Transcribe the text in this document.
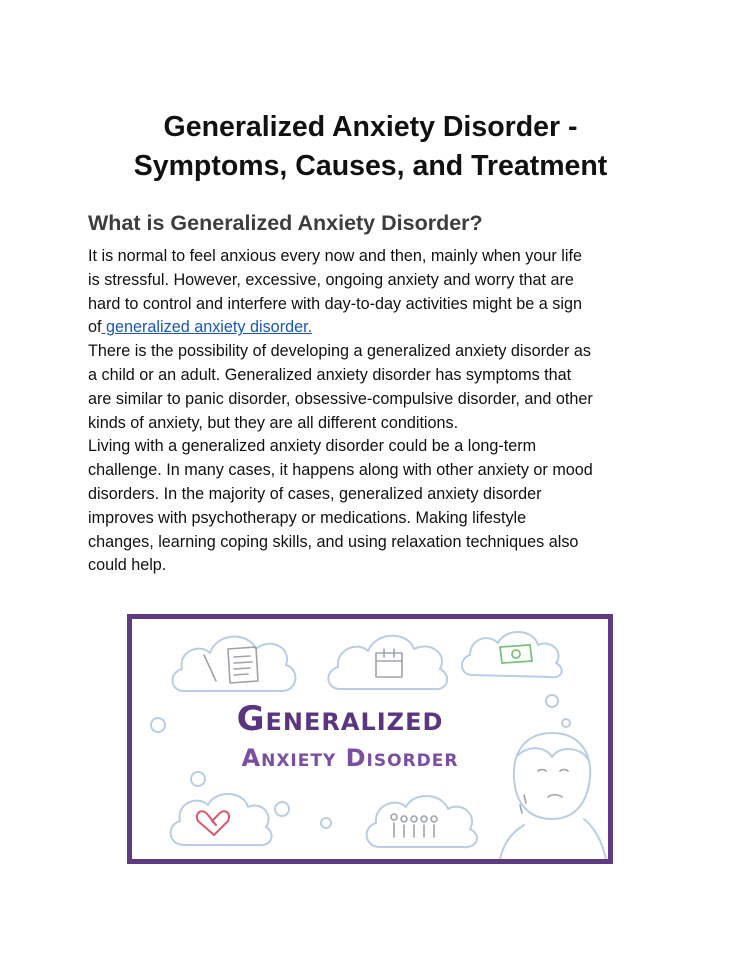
Generalized Anxiety Disorder -
Symptoms, Causes, and Treatment
What is Generalized Anxiety Disorder?
It is normal to feel anxious every now and then, mainly when your life
is stressful. However, excessive, ongoing anxiety and worry that are
hard to control and interfere with day-to-day activities might be a sign
of generalized anxiety disorder.
There is the possibility of developing a generalized anxiety disorder as
a child or an adult. Generalized anxiety disorder has symptoms that
are similar to panic disorder, obsessive-compulsive disorder, and other
kinds of anxiety, but they are all different conditions.
Living with a generalized anxiety disorder could be a long-term
challenge. In many cases, it happens along with other anxiety or mood
disorders. In the majority of cases, generalized anxiety disorder
improves with psychotherapy or medications. Making lifestyle
changes, learning coping skills, and using relaxation techniques also
could help.
Generalized
Anxiety Disorder
